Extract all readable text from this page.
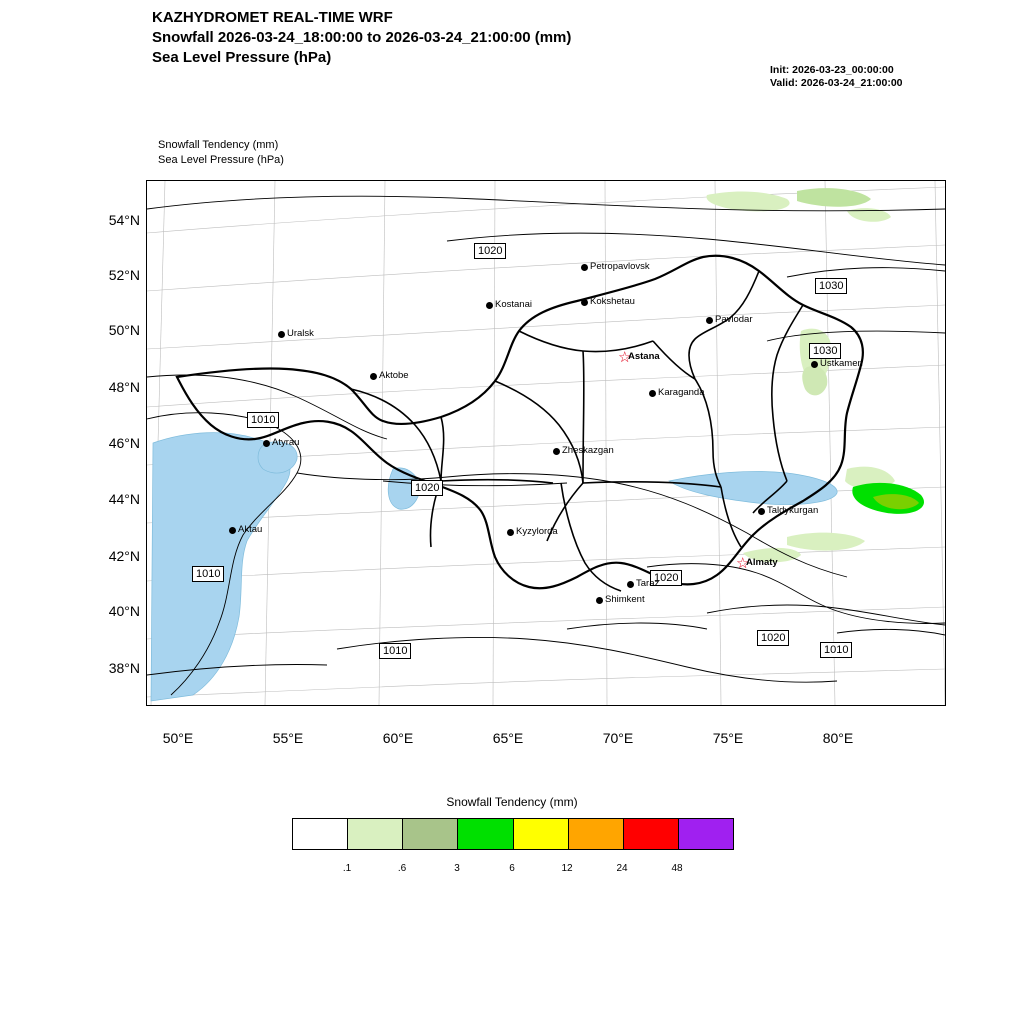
KAZHYDROMET REAL-TIME WRF
Snowfall 2026-03-24_18:00:00 to 2026-03-24_21:00:00 (mm)
Sea Level Pressure (hPa)
Init: 2026-03-23_00:00:00
Valid: 2026-03-24_21:00:00
Snowfall Tendency (mm)
Sea Level Pressure (hPa)
1020
1030
1030
1010
1020
1010	1020
1010
1020
1010
Uralsk
Petropavlovsk
Kostanai	Kokshetau
Pavlodar
Aktobe
Karaganda
Ustkamen
Atyrau
Zheskazgan
Aktau	Kyzylorda
Taldykurgan
Taraz
Shimkent
☆
Astana
☆
Almaty
54°N
52°N
50°N
48°N
46°N
44°N
42°N
40°N
38°N
50°E	55°E	60°E	65°E	70°E	75°E	80°E
Snowfall Tendency (mm)
.1	.6	3	6	12	24	48
